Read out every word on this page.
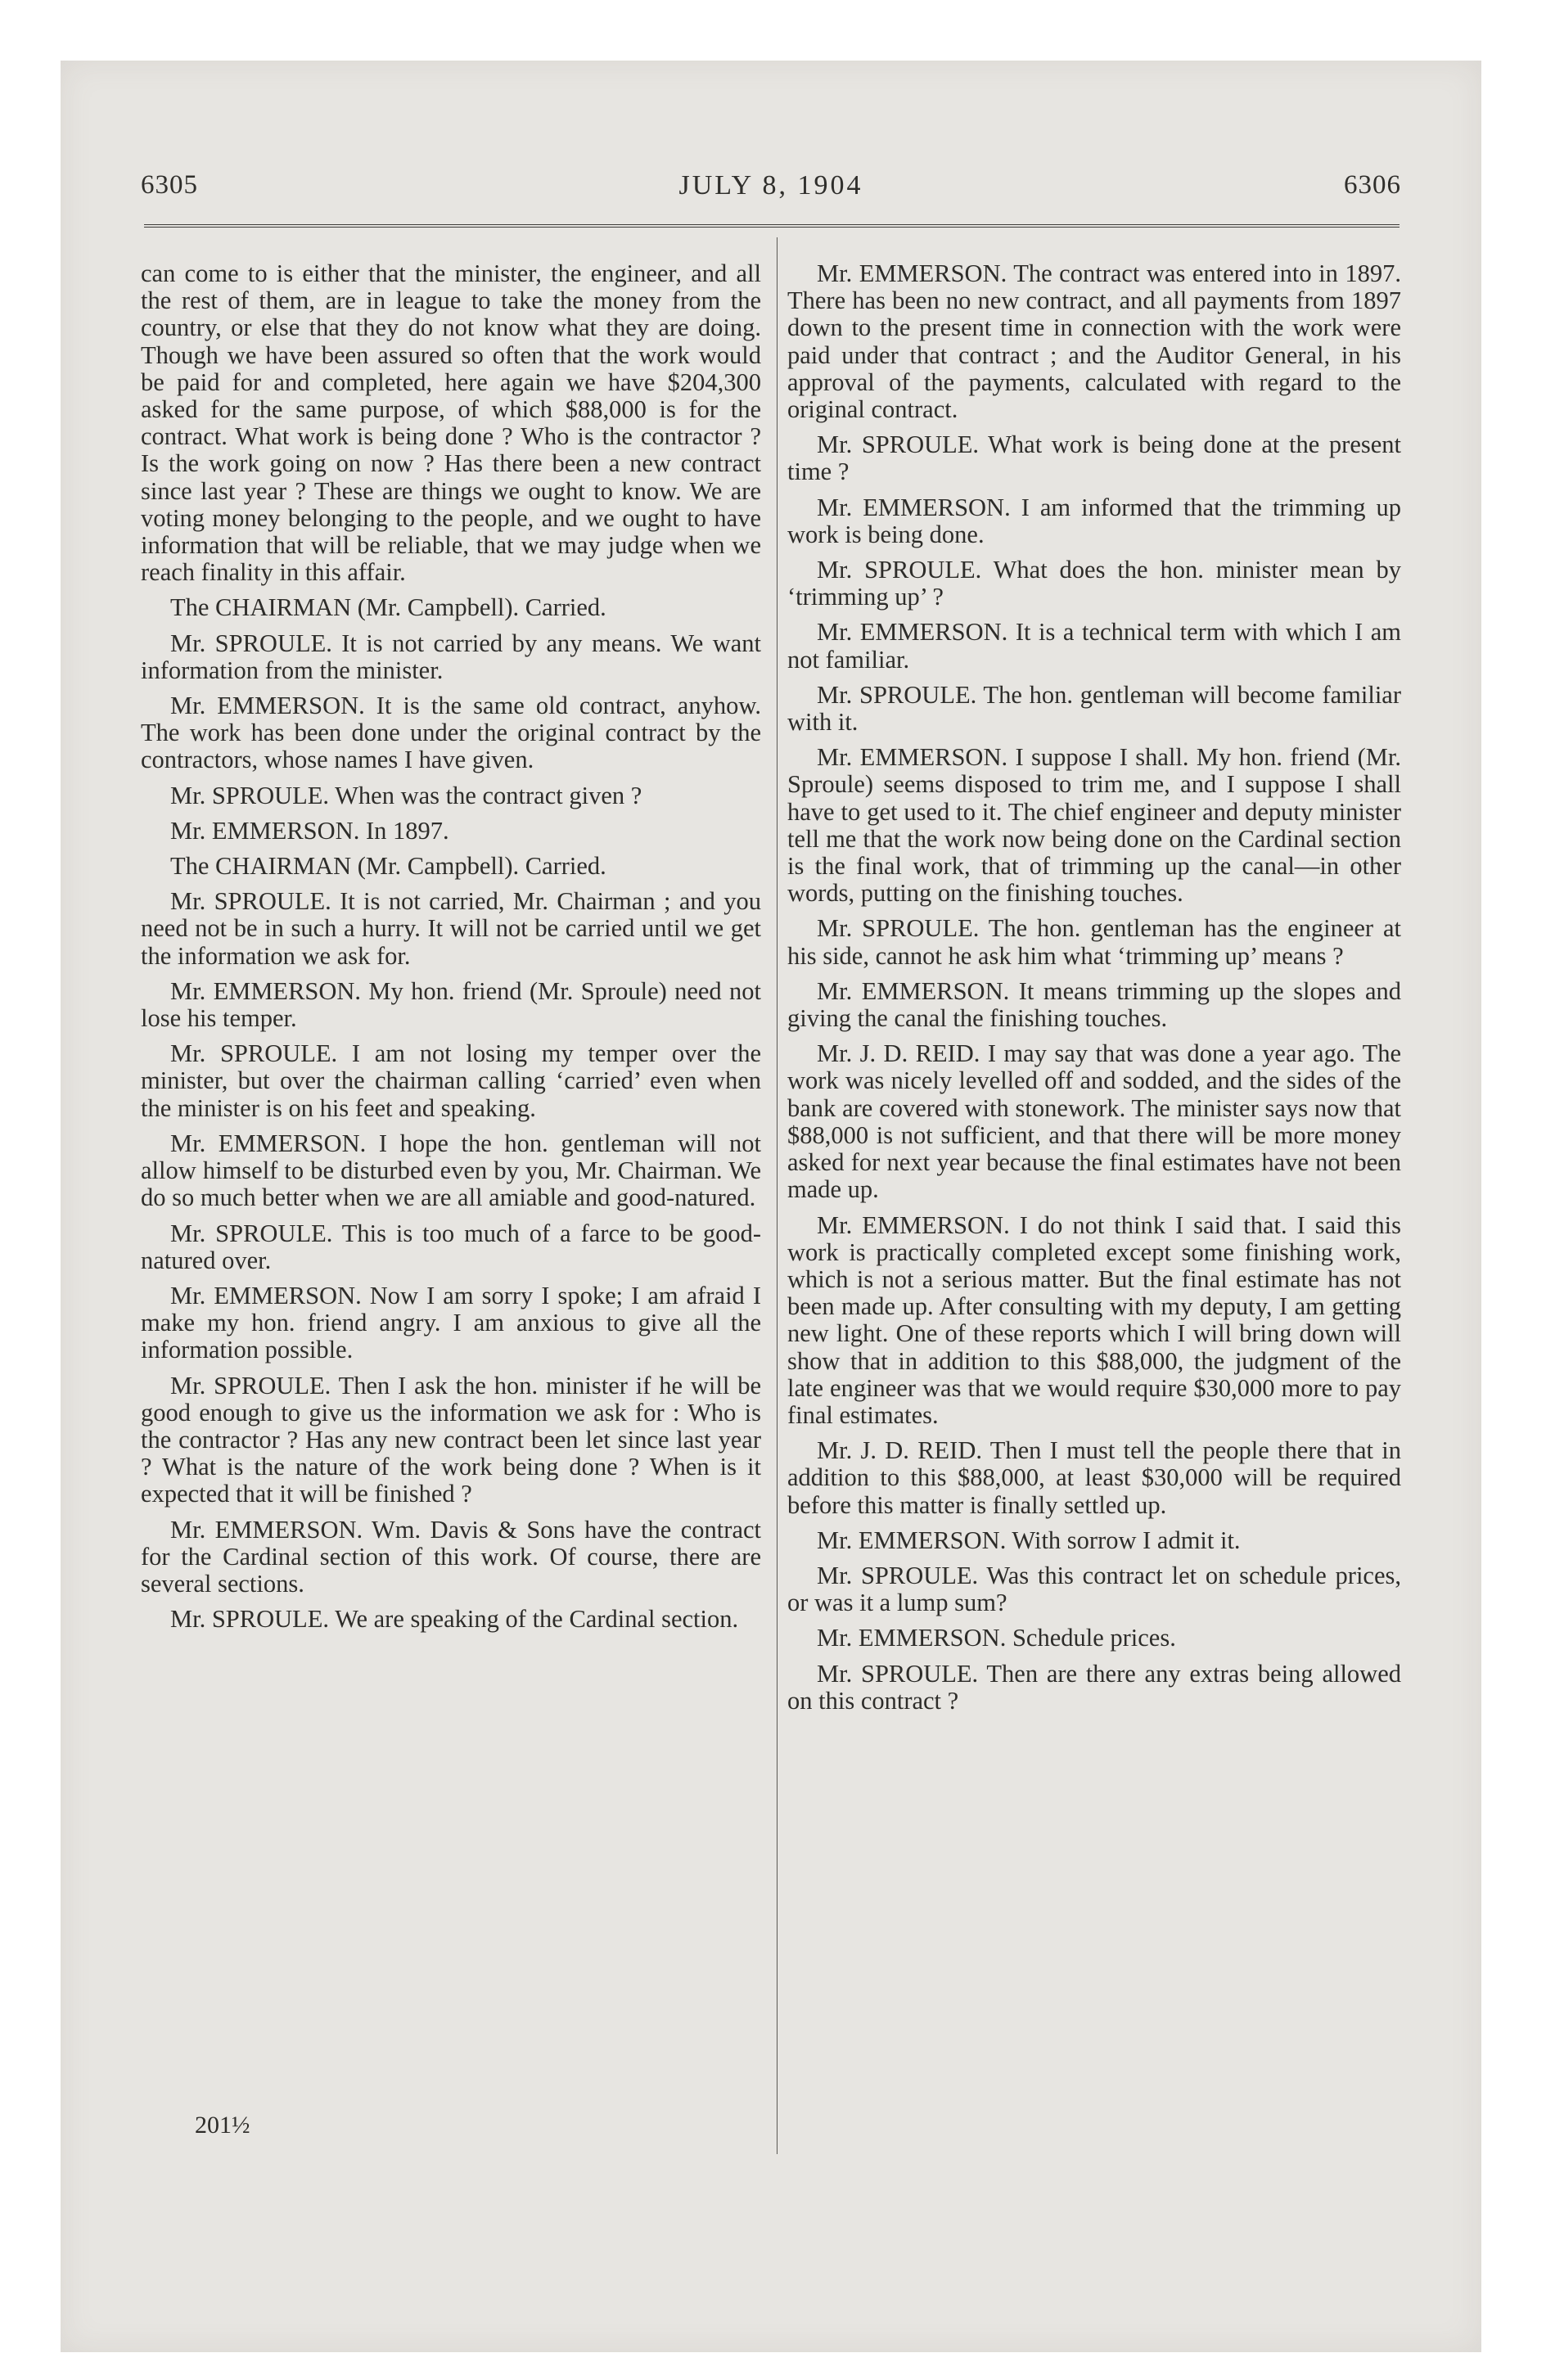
6305	JULY 8, 1904	6306

can come to is either that the minister, the engineer, and all the rest of them, are in league to take the money from the country, or else that they do not know what they are doing. Though we have been assured so often that the work would be paid for and completed, here again we have $204,300 asked for the same purpose, of which $88,000 is for the contract. What work is being done ? Who is the contractor ? Is the work going on now ? Has there been a new contract since last year ? These are things we ought to know. We are voting money belonging to the people, and we ought to have information that will be reliable, that we may judge when we reach finality in this affair.

The CHAIRMAN (Mr. Campbell). Carried.

Mr. SPROULE. It is not carried by any means. We want information from the minister.

Mr. EMMERSON. It is the same old contract, anyhow. The work has been done under the original contract by the contractors, whose names I have given.

Mr. SPROULE. When was the contract given ?

Mr. EMMERSON. In 1897.

The CHAIRMAN (Mr. Campbell). Carried.

Mr. SPROULE. It is not carried, Mr. Chairman ; and you need not be in such a hurry. It will not be carried until we get the information we ask for.

Mr. EMMERSON. My hon. friend (Mr. Sproule) need not lose his temper.

Mr. SPROULE. I am not losing my temper over the minister, but over the chairman calling ‘carried’ even when the minister is on his feet and speaking.

Mr. EMMERSON. I hope the hon. gentleman will not allow himself to be disturbed even by you, Mr. Chairman. We do so much better when we are all amiable and good-natured.

Mr. SPROULE. This is too much of a farce to be good-natured over.

Mr. EMMERSON. Now I am sorry I spoke; I am afraid I make my hon. friend angry. I am anxious to give all the information possible.

Mr. SPROULE. Then I ask the hon. minister if he will be good enough to give us the information we ask for : Who is the contractor ? Has any new contract been let since last year ? What is the nature of the work being done ? When is it expected that it will be finished ?

Mr. EMMERSON. Wm. Davis & Sons have the contract for the Cardinal section of this work. Of course, there are several sections.

Mr. SPROULE. We are speaking of the Cardinal section.

Mr. EMMERSON. The contract was entered into in 1897. There has been no new contract, and all payments from 1897 down to the present time in connection with the work were paid under that contract ; and the Auditor General, in his approval of the payments, calculated with regard to the original contract.

Mr. SPROULE. What work is being done at the present time ?

Mr. EMMERSON. I am informed that the trimming up work is being done.

Mr. SPROULE. What does the hon. minister mean by ‘trimming up’ ?

Mr. EMMERSON. It is a technical term with which I am not familiar.

Mr. SPROULE. The hon. gentleman will become familiar with it.

Mr. EMMERSON. I suppose I shall. My hon. friend (Mr. Sproule) seems disposed to trim me, and I suppose I shall have to get used to it. The chief engineer and deputy minister tell me that the work now being done on the Cardinal section is the final work, that of trimming up the canal—in other words, putting on the finishing touches.

Mr. SPROULE. The hon. gentleman has the engineer at his side, cannot he ask him what ‘trimming up’ means ?

Mr. EMMERSON. It means trimming up the slopes and giving the canal the finishing touches.

Mr. J. D. REID. I may say that was done a year ago. The work was nicely levelled off and sodded, and the sides of the bank are covered with stonework. The minister says now that $88,000 is not sufficient, and that there will be more money asked for next year because the final estimates have not been made up.

Mr. EMMERSON. I do not think I said that. I said this work is practically completed except some finishing work, which is not a serious matter. But the final estimate has not been made up. After consulting with my deputy, I am getting new light. One of these reports which I will bring down will show that in addition to this $88,000, the judgment of the late engineer was that we would require $30,000 more to pay final estimates.

Mr. J. D. REID. Then I must tell the people there that in addition to this $88,000, at least $30,000 will be required before this matter is finally settled up.

Mr. EMMERSON. With sorrow I admit it.

Mr. SPROULE. Was this contract let on schedule prices, or was it a lump sum?

Mr. EMMERSON. Schedule prices.

Mr. SPROULE. Then are there any extras being allowed on this contract ?

201½
